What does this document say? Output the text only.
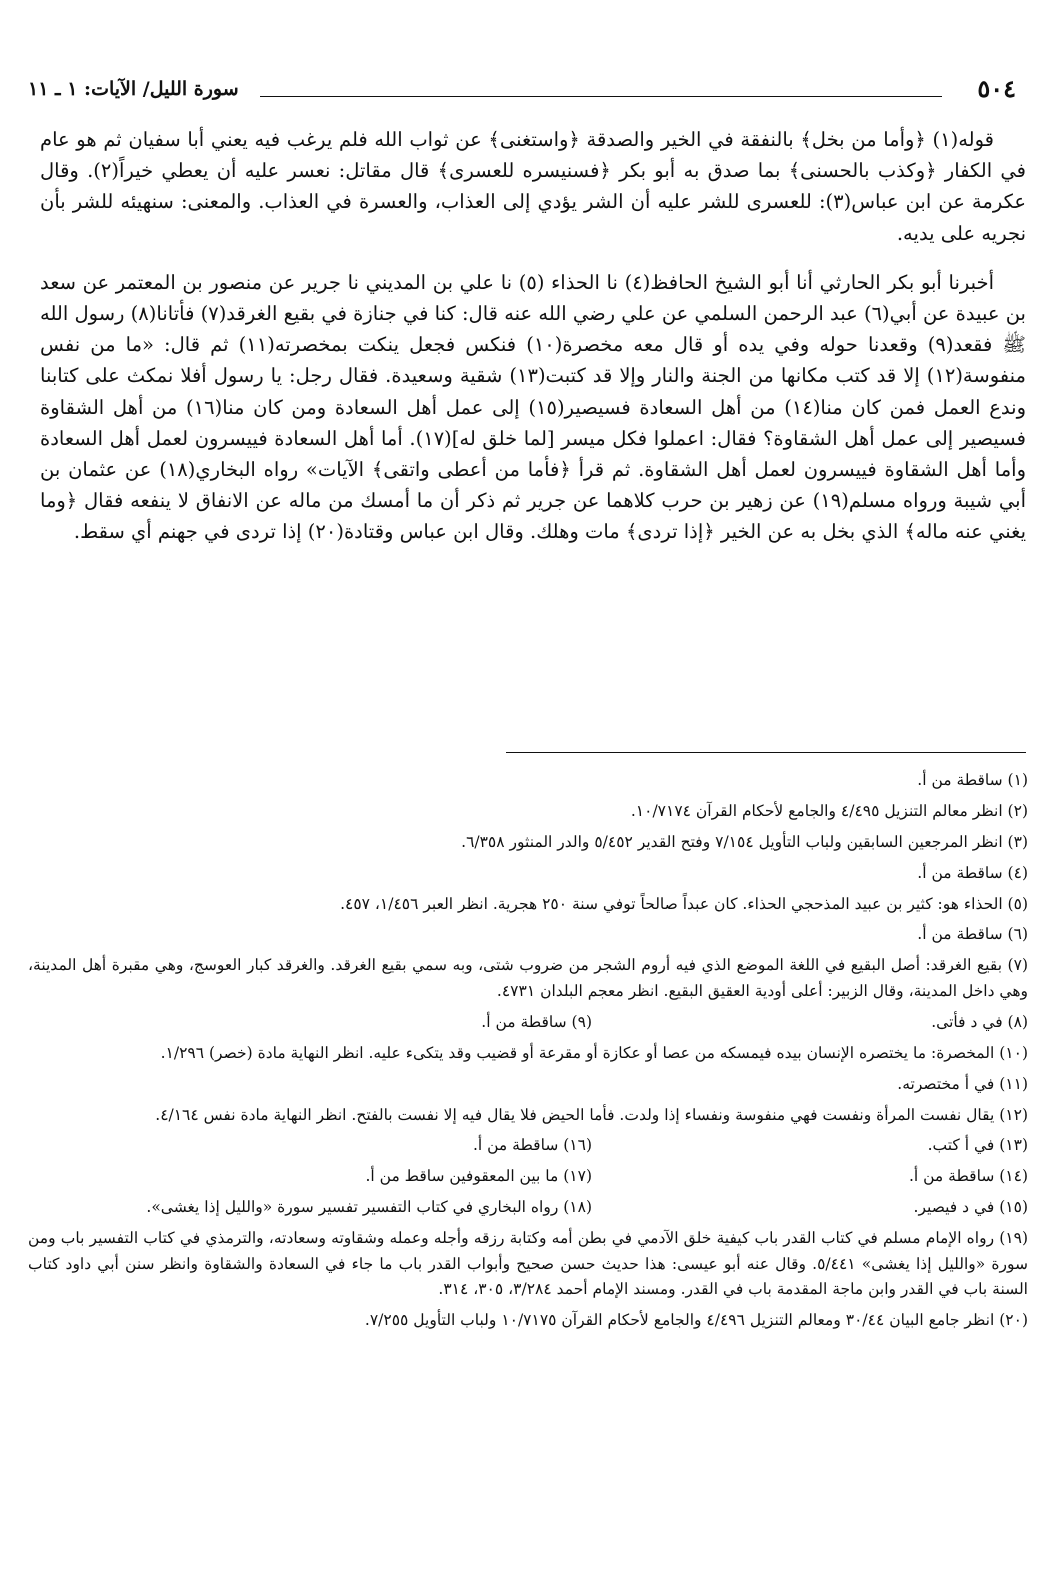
سورة الليل/ الآيات: ١ ـ ١١	٥٠٤

قوله(١) ﴿وأما من بخل﴾ بالنفقة في الخير والصدقة ﴿واستغنى﴾ عن ثواب الله فلم يرغب فيه يعني أبا سفيان ثم هو عام في الكفار ﴿وكذب بالحسنى﴾ بما صدق به أبو بكر ﴿فسنيسره للعسرى﴾ قال مقاتل: نعسر عليه أن يعطي خيراً(٢). وقال عكرمة عن ابن عباس(٣): للعسرى للشر عليه أن الشر يؤدي إلى العذاب، والعسرة في العذاب. والمعنى: سنهيئه للشر بأن نجريه على يديه.

أخبرنا أبو بكر الحارثي أنا أبو الشيخ الحافظ(٤) نا الحذاء (٥) نا علي بن المديني نا جرير عن منصور بن المعتمر عن سعد بن عبيدة عن أبي(٦) عبد الرحمن السلمي عن علي رضي الله عنه قال: كنا في جنازة في بقيع الغرقد(٧) فأتانا(٨) رسول الله ﷺ فقعد(٩) وقعدنا حوله وفي يده أو قال معه مخصرة(١٠) فنكس فجعل ينكت بمخصرته(١١) ثم قال: «ما من نفس منفوسة(١٢) إلا قد كتب مكانها من الجنة والنار وإلا قد كتبت(١٣) شقية وسعيدة. فقال رجل: يا رسول أفلا نمكث على كتابنا وندع العمل فمن كان منا(١٤) من أهل السعادة فسيصير(١٥) إلى عمل أهل السعادة ومن كان منا(١٦) من أهل الشقاوة فسيصير إلى عمل أهل الشقاوة؟ فقال: اعملوا فكل ميسر [لما خلق له](١٧). أما أهل السعادة فييسرون لعمل أهل السعادة وأما أهل الشقاوة فييسرون لعمل أهل الشقاوة. ثم قرأ ﴿فأما من أعطى واتقى﴾ الآيات» رواه البخاري(١٨) عن عثمان بن أبي شيبة ورواه مسلم(١٩) عن زهير بن حرب كلاهما عن جرير ثم ذكر أن ما أمسك من ماله عن الانفاق لا ينفعه فقال ﴿وما يغني عنه ماله﴾ الذي بخل به عن الخير ﴿إذا تردى﴾ مات وهلك. وقال ابن عباس وقتادة(٢٠) إذا تردى في جهنم أي سقط.

(١) ساقطة من أ.

(٢) انظر معالم التنزيل ٤/٤٩٥ والجامع لأحكام القرآن ١٠/٧١٧٤.

(٣) انظر المرجعين السابقين ولباب التأويل ٧/١٥٤ وفتح القدير ٥/٤٥٢ والدر المنثور ٦/٣٥٨.

(٤) ساقطة من أ.

(٥) الحذاء هو: كثير بن عبيد المذحجي الحذاء. كان عبداً صالحاً توفي سنة ٢٥٠ هجرية. انظر العبر ١/٤٥٦، ٤٥٧.

(٦) ساقطة من أ.

(٧) بقيع الغرقد: أصل البقيع في اللغة الموضع الذي فيه أروم الشجر من ضروب شتى، وبه سمي بقيع الغرقد. والغرقد كبار العوسج، وهي مقبرة أهل المدينة، وهي داخل المدينة، وقال الزبير: أعلى أودية العقيق البقيع. انظر معجم البلدان ٤٧٣١.

(٨) في د فأتى.

(٩) ساقطة من أ.

(١٠) المخصرة: ما يختصره الإنسان بيده فيمسكه من عصا أو عكازة أو مقرعة أو قضيب وقد يتكىء عليه. انظر النهاية مادة (خصر) ١/٢٩٦.

(١١) في أ مختصرته.

(١٢) يقال نفست المرأة ونفست فهي منفوسة ونفساء إذا ولدت. فأما الحيض فلا يقال فيه إلا نفست بالفتح. انظر النهاية مادة نفس ٤/١٦٤.

(١٣) في أ كتب.

(١٦) ساقطة من أ.

(١٤) ساقطة من أ.

(١٧) ما بين المعقوفين ساقط من أ.

(١٥) في د فيصير.

(١٨) رواه البخاري في كتاب التفسير تفسير سورة «والليل إذا يغشى».

(١٩) رواه الإمام مسلم في كتاب القدر باب كيفية خلق الآدمي في بطن أمه وكتابة رزقه وأجله وعمله وشقاوته وسعادته، والترمذي في كتاب التفسير باب ومن سورة «والليل إذا يغشى» ٥/٤٤١. وقال عنه أبو عيسى: هذا حديث حسن صحيح وأبواب القدر باب ما جاء في السعادة والشقاوة وانظر سنن أبي داود كتاب السنة باب في القدر وابن ماجة المقدمة باب في القدر. ومسند الإمام أحمد ٣/٢٨٤، ٣٠٥، ٣١٤.

(٢٠) انظر جامع البيان ٣٠/٤٤ ومعالم التنزيل ٤/٤٩٦ والجامع لأحكام القرآن ١٠/٧١٧٥ ولباب التأويل ٧/٢٥٥.
